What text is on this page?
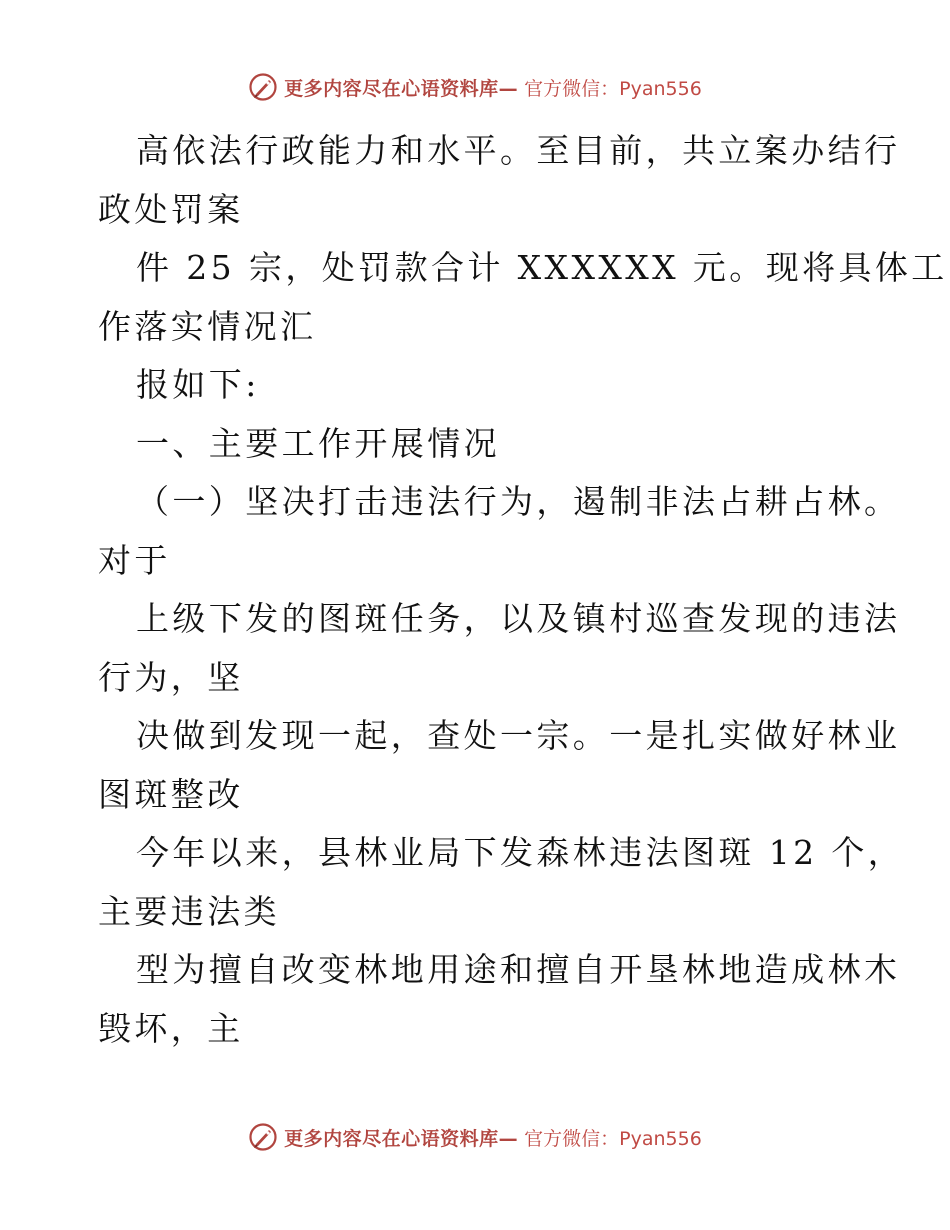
更多内容尽在心语资料库— 官方微信：Pyan556
高依法行政能力和水平。至目前，共立案办结行
政处罚案
件 25 宗，处罚款合计 XXXXXX 元。现将具体工
作落实情况汇
报如下:
一、主要工作开展情况
（一）坚决打击违法行为，遏制非法占耕占林。
对于
上级下发的图斑任务，以及镇村巡查发现的违法
行为，坚
决做到发现一起，查处一宗。一是扎实做好林业
图斑整改
今年以来，县林业局下发森林违法图斑 12 个，
主要违法类
型为擅自改变林地用途和擅自开垦林地造成林木
毁坏，主
更多内容尽在心语资料库— 官方微信：Pyan556
